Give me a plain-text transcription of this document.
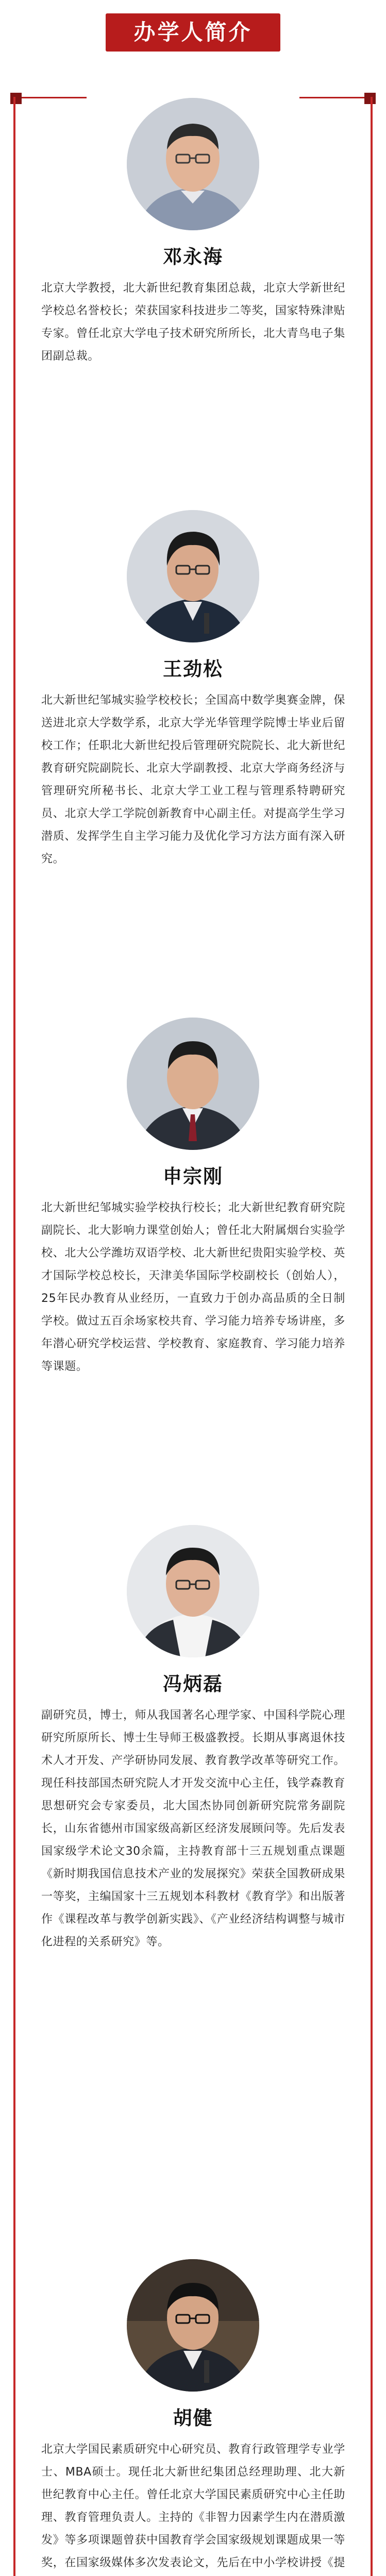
办学人简介
邓永海
北京大学教授，北大新世纪教育集团总裁，北京大学新世纪学校总名誉校长；荣获国家科技进步二等奖，国家特殊津贴专家。曾任北京大学电子技术研究所所长，北大青鸟电子集团副总裁。
王劲松
北大新世纪邹城实验学校校长；全国高中数学奥赛金牌，保送进北京大学数学系，北京大学光华管理学院博士毕业后留校工作；任职北大新世纪投后管理研究院院长、北大新世纪教育研究院副院长、北京大学副教授、北京大学商务经济与管理研究所秘书长、北京大学工业工程与管理系特聘研究员、北京大学工学院创新教育中心副主任。对提高学生学习潜质、发挥学生自主学习能力及优化学习方法方面有深入研究。
申宗刚
北大新世纪邹城实验学校执行校长；北大新世纪教育研究院副院长、北大影响力课堂创始人；曾任北大附属烟台实验学校、北大公学潍坊双语学校、北大新世纪贵阳实验学校、英才国际学校总校长，天津美华国际学校副校长（创始人），25年民办教育从业经历，一直致力于创办高品质的全日制学校。做过五百余场家校共育、学习能力培养专场讲座，多年潜心研究学校运营、学校教育、家庭教育、学习能力培养等课题。
冯炳磊
副研究员，博士，师从我国著名心理学家、中国科学院心理研究所原所长、博士生导师王极盛教授。长期从事离退休技术人才开发、产学研协同发展、教育教学改革等研究工作。现任科技部国杰研究院人才开发交流中心主任，钱学森教育思想研究会专家委员，北大国杰协同创新研究院常务副院长，山东省德州市国家级高新区经济发展顾问等。先后发表国家级学术论文30余篇，主持教育部十三五规划重点课题《新时期我国信息技术产业的发展探究》荣获全国教研成果一等奖，主编国家十三五规划本科教材《教育学》和出版著作《课程改革与教学创新实践》、《产业经济结构调整与城市化进程的关系研究》等。
胡健
北京大学国民素质研究中心研究员、教育行政管理学专业学士、MBA硕士。现任北大新世纪集团总经理助理、北大新世纪教育中心主任。曾任北京大学国民素质研究中心主任助理、教育管理负责人。主持的《非智力因素学生内在潜质激发》等多项课题曾获中国教育学会国家级规划课题成果一等奖，在国家级媒体多次发表论文，先后在中小学校讲授《提
